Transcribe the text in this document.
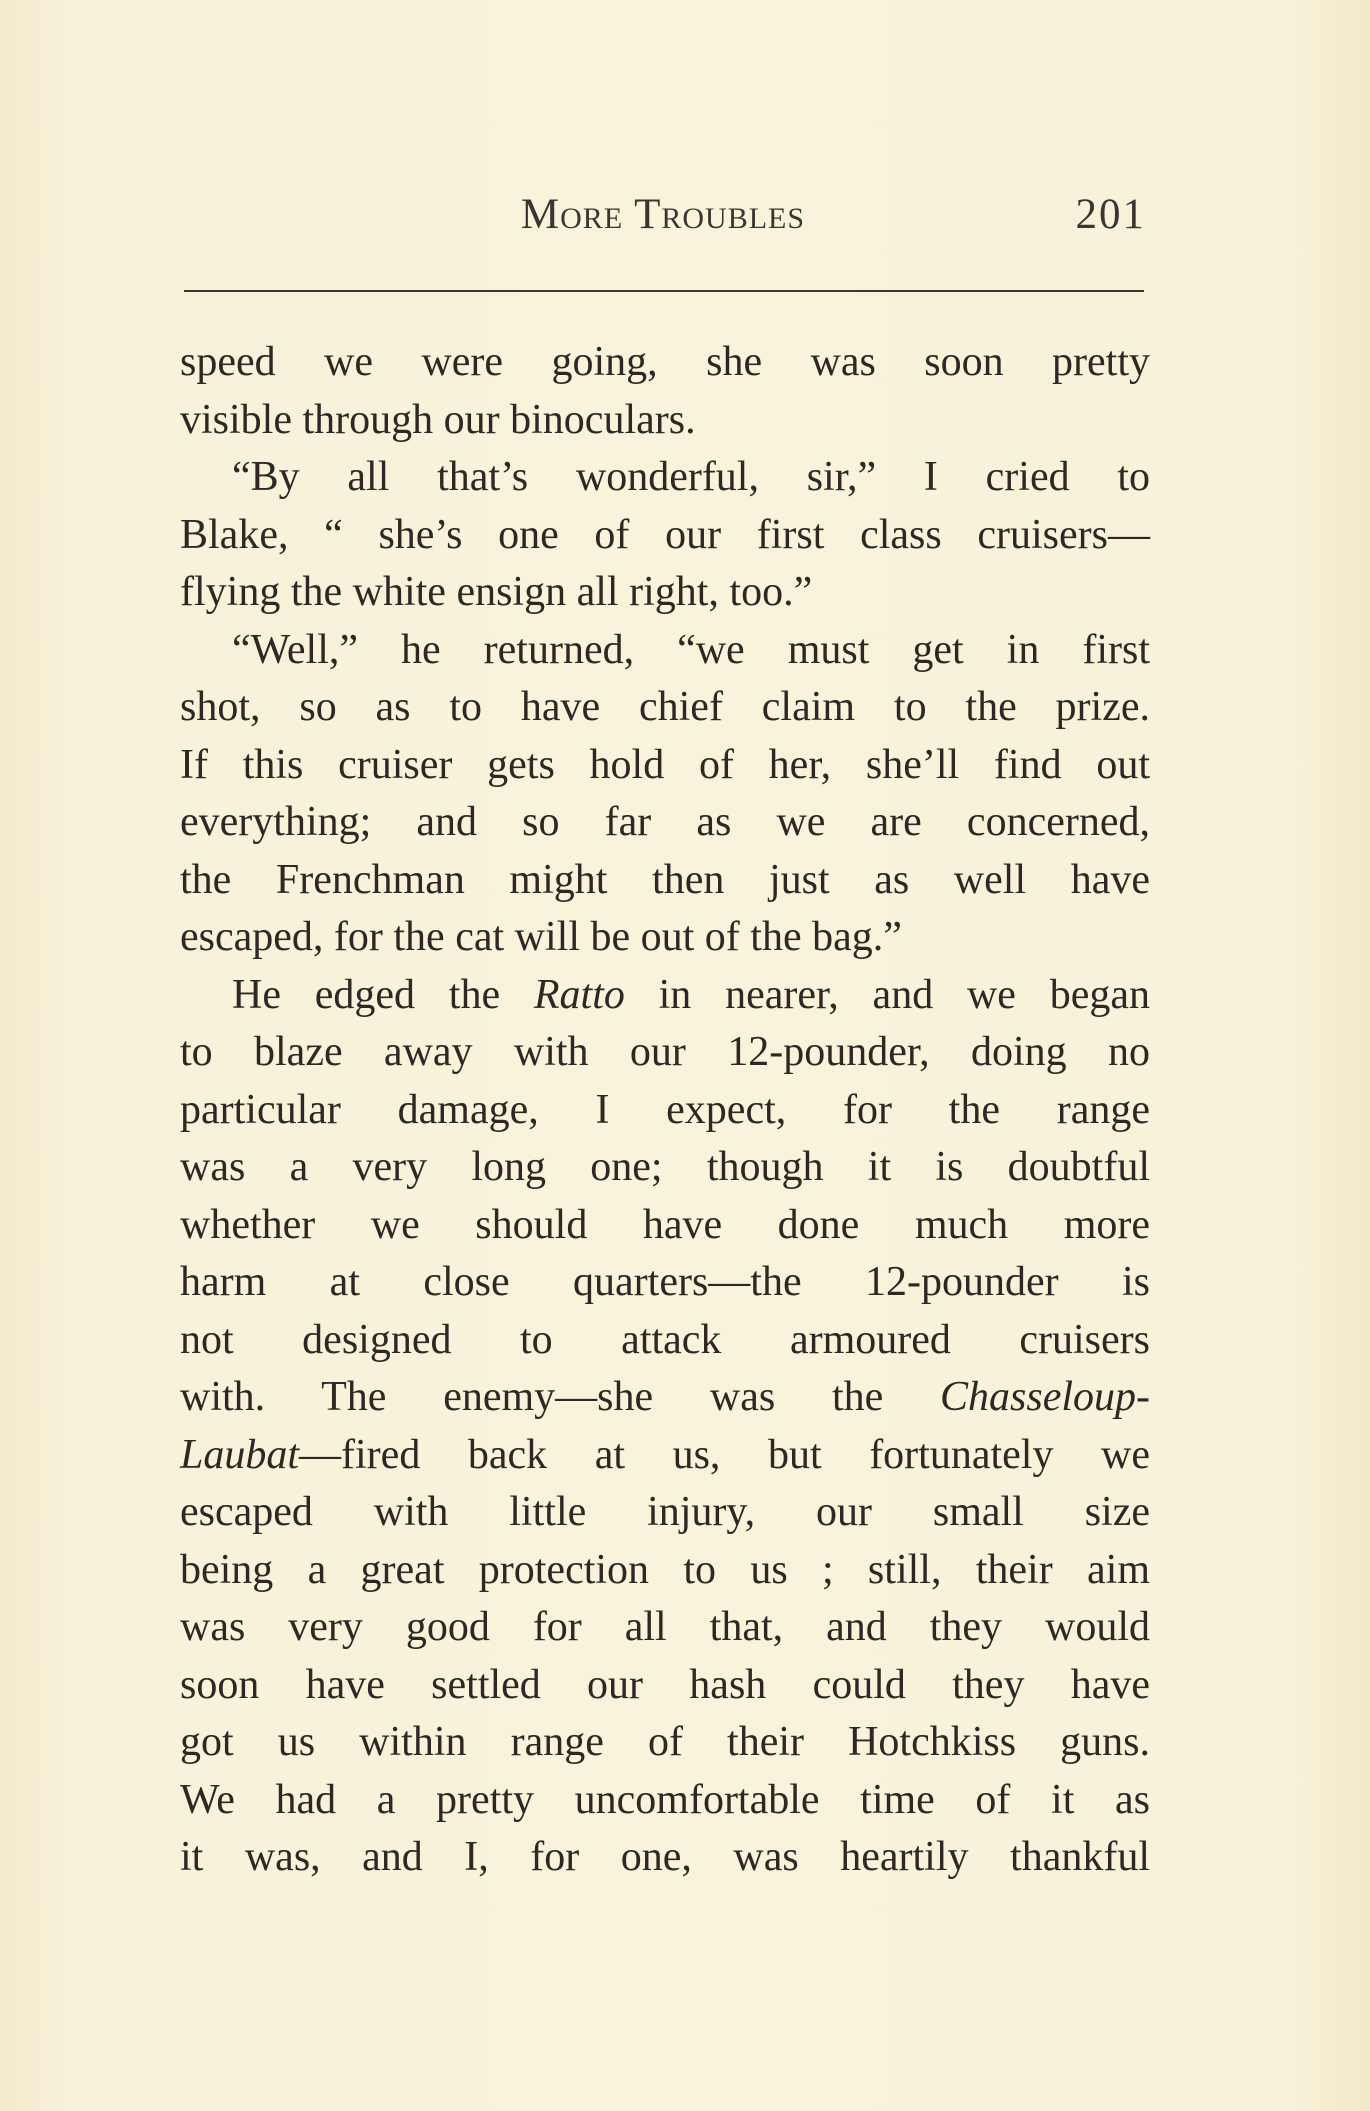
More Troubles	201
speed we were going, she was soon pretty
visible through our binoculars.
“By all that’s wonderful, sir,” I cried to
Blake, “ she’s one of our first class cruisers—
flying the white ensign all right, too.”
“Well,” he returned, “we must get in first
shot, so as to have chief claim to the prize.
If this cruiser gets hold of her, she’ll find out
everything; and so far as we are concerned,
the Frenchman might then just as well have
escaped, for the cat will be out of the bag.”
He edged the Ratto in nearer, and we began
to blaze away with our 12-pounder, doing no
particular damage, I expect, for the range
was a very long one; though it is doubtful
whether we should have done much more
harm at close quarters—the 12-pounder is
not designed to attack armoured cruisers
with. The enemy—she was the Chasseloup-
Laubat—fired back at us, but fortunately we
escaped with little injury, our small size
being a great protection to us ; still, their aim
was very good for all that, and they would
soon have settled our hash could they have
got us within range of their Hotchkiss guns.
We had a pretty uncomfortable time of it as
it was, and I, for one, was heartily thankful
